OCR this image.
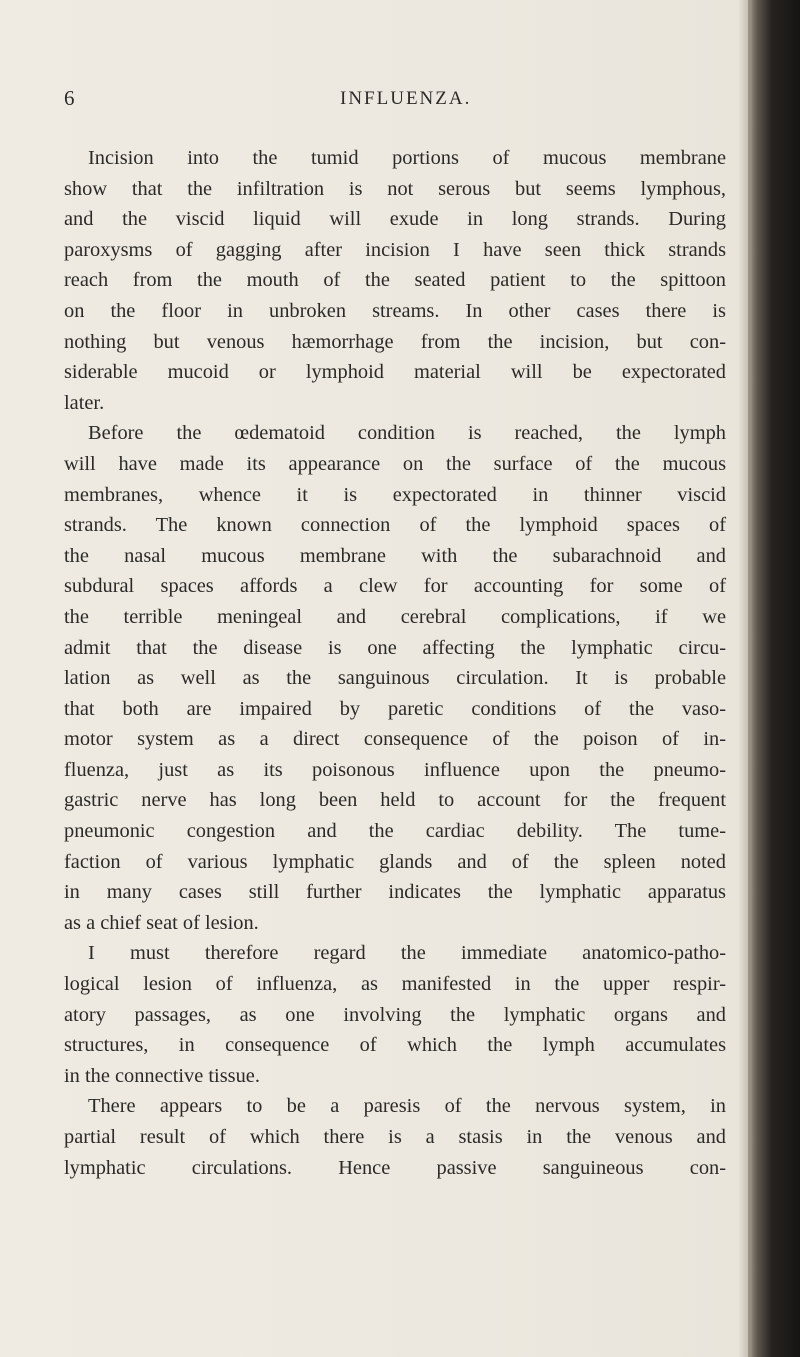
6	INFLUENZA.
Incision into the tumid portions of mucous membrane
show that the infiltration is not serous but seems lymphous,
and the viscid liquid will exude in long strands. During
paroxysms of gagging after incision I have seen thick strands
reach from the mouth of the seated patient to the spittoon
on the floor in unbroken streams. In other cases there is
nothing but venous hæmorrhage from the incision, but con-
siderable mucoid or lymphoid material will be expectorated
later.
Before the œdematoid condition is reached, the lymph
will have made its appearance on the surface of the mucous
membranes, whence it is expectorated in thinner viscid
strands. The known connection of the lymphoid spaces of
the nasal mucous membrane with the subarachnoid and
subdural spaces affords a clew for accounting for some of
the terrible meningeal and cerebral complications, if we
admit that the disease is one affecting the lymphatic circu-
lation as well as the sanguinous circulation. It is probable
that both are impaired by paretic conditions of the vaso-
motor system as a direct consequence of the poison of in-
fluenza, just as its poisonous influence upon the pneumo-
gastric nerve has long been held to account for the frequent
pneumonic congestion and the cardiac debility. The tume-
faction of various lymphatic glands and of the spleen noted
in many cases still further indicates the lymphatic apparatus
as a chief seat of lesion.
I must therefore regard the immediate anatomico-patho-
logical lesion of influenza, as manifested in the upper respir-
atory passages, as one involving the lymphatic organs and
structures, in consequence of which the lymph accumulates
in the connective tissue.
There appears to be a paresis of the nervous system, in
partial result of which there is a stasis in the venous and
lymphatic circulations. Hence passive sanguineous con-
